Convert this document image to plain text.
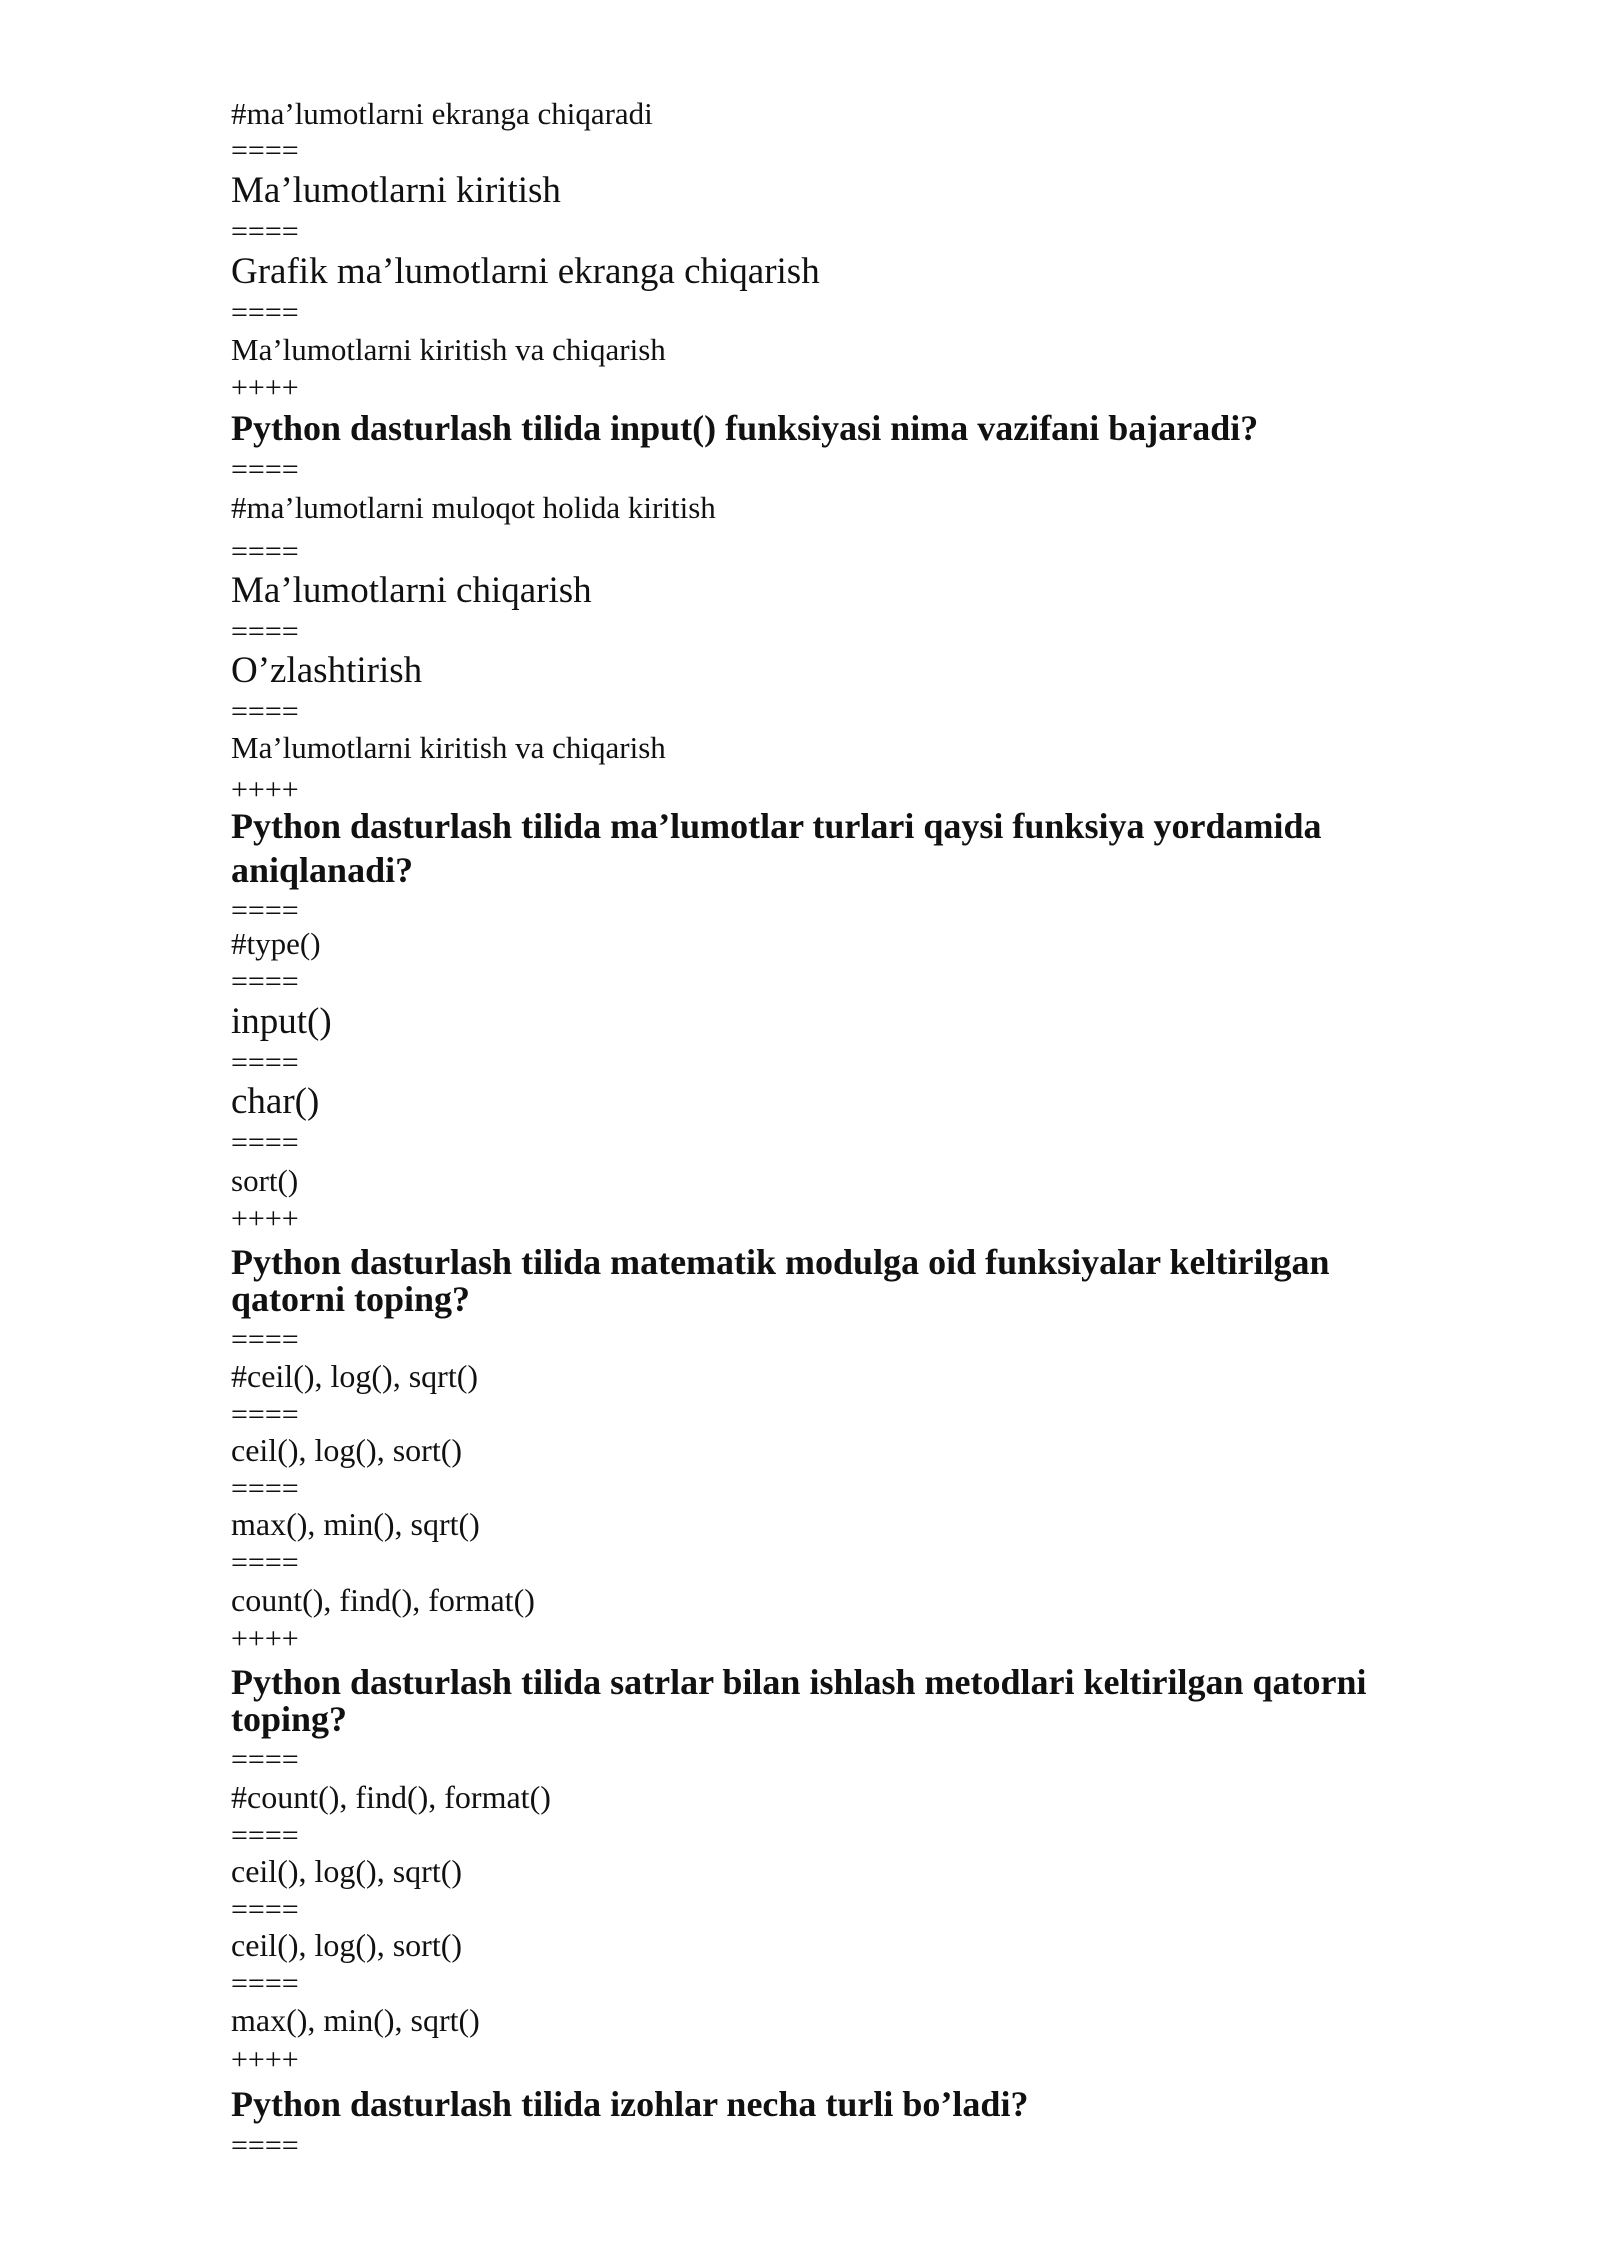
#ma’lumotlarni ekranga chiqaradi
====
Ma’lumotlarni kiritish
====
Grafik ma’lumotlarni ekranga chiqarish
====
Ma’lumotlarni kiritish va chiqarish
++++
Python dasturlash tilida input() funksiyasi nima vazifani bajaradi?
====
#ma’lumotlarni muloqot holida kiritish
====
Ma’lumotlarni chiqarish
====
O’zlashtirish
====
Ma’lumotlarni kiritish va chiqarish
++++
Python dasturlash tilida ma’lumotlar turlari qaysi funksiya yordamida
aniqlanadi?
====
#type()
====
input()
====
char()
====
sort()
++++
Python dasturlash tilida matematik modulga oid funksiyalar keltirilgan
qatorni toping?
====
#ceil(), log(), sqrt()
====
ceil(), log(), sort()
====
max(), min(), sqrt()
====
count(), find(), format()
++++
Python dasturlash tilida satrlar bilan ishlash metodlari keltirilgan qatorni
toping?
====
#count(), find(), format()
====
ceil(), log(), sqrt()
====
ceil(), log(), sort()
====
max(), min(), sqrt()
++++
Python dasturlash tilida izohlar necha turli bo’ladi?
====
